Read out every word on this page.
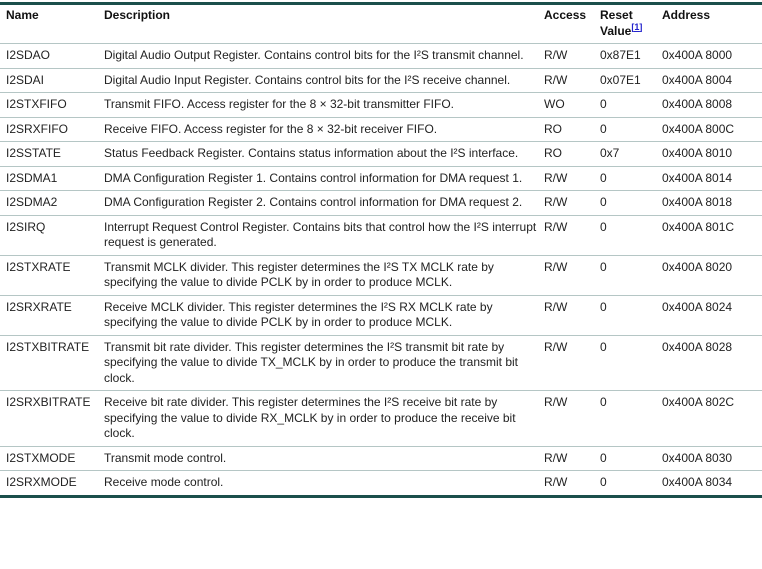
Name	Description	Access	Reset Value[1]	Address
I2SDAO	Digital Audio Output Register. Contains control bits for the I²S transmit channel.	R/W	0x87E1	0x400A 8000
I2SDAI	Digital Audio Input Register. Contains control bits for the I²S receive channel.	R/W	0x07E1	0x400A 8004
I2STXFIFO	Transmit FIFO. Access register for the 8 × 32-bit transmitter FIFO.	WO	0	0x400A 8008
I2SRXFIFO	Receive FIFO. Access register for the 8 × 32-bit receiver FIFO.	RO	0	0x400A 800C
I2SSTATE	Status Feedback Register. Contains status information about the I²S interface.	RO	0x7	0x400A 8010
I2SDMA1	DMA Configuration Register 1. Contains control information for DMA request 1.	R/W	0	0x400A 8014
I2SDMA2	DMA Configuration Register 2. Contains control information for DMA request 2.	R/W	0	0x400A 8018
I2SIRQ	Interrupt Request Control Register. Contains bits that control how the I²S interrupt request is generated.	R/W	0	0x400A 801C
I2STXRATE	Transmit MCLK divider. This register determines the I²S TX MCLK rate by specifying the value to divide PCLK by in order to produce MCLK.	R/W	0	0x400A 8020
I2SRXRATE	Receive MCLK divider. This register determines the I²S RX MCLK rate by specifying the value to divide PCLK by in order to produce MCLK.	R/W	0	0x400A 8024
I2STXBITRATE	Transmit bit rate divider. This register determines the I²S transmit bit rate by specifying the value to divide TX_MCLK by in order to produce the transmit bit clock.	R/W	0	0x400A 8028
I2SRXBITRATE	Receive bit rate divider. This register determines the I²S receive bit rate by specifying the value to divide RX_MCLK by in order to produce the receive bit clock.	R/W	0	0x400A 802C
I2STXMODE	Transmit mode control.	R/W	0	0x400A 8030
I2SRXMODE	Receive mode control.	R/W	0	0x400A 8034
